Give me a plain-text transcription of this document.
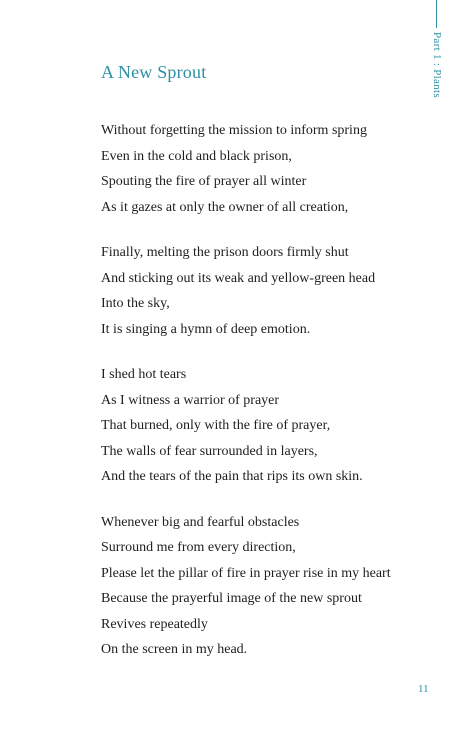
Part 1 : Plants
A New Sprout
Without forgetting the mission to inform spring
Even in the cold and black prison,
Spouting the fire of prayer all winter
As it gazes at only the owner of all creation,
Finally, melting the prison doors firmly shut
And sticking out its weak and yellow-green head
Into the sky,
It is singing a hymn of deep emotion.
I shed hot tears
As I witness a warrior of prayer
That burned, only with the fire of prayer,
The walls of fear surrounded in layers,
And the tears of the pain that rips its own skin.
Whenever big and fearful obstacles
Surround me from every direction,
Please let the pillar of fire in prayer rise in my heart
Because the prayerful image of the new sprout
Revives repeatedly
On the screen in my head.
11
